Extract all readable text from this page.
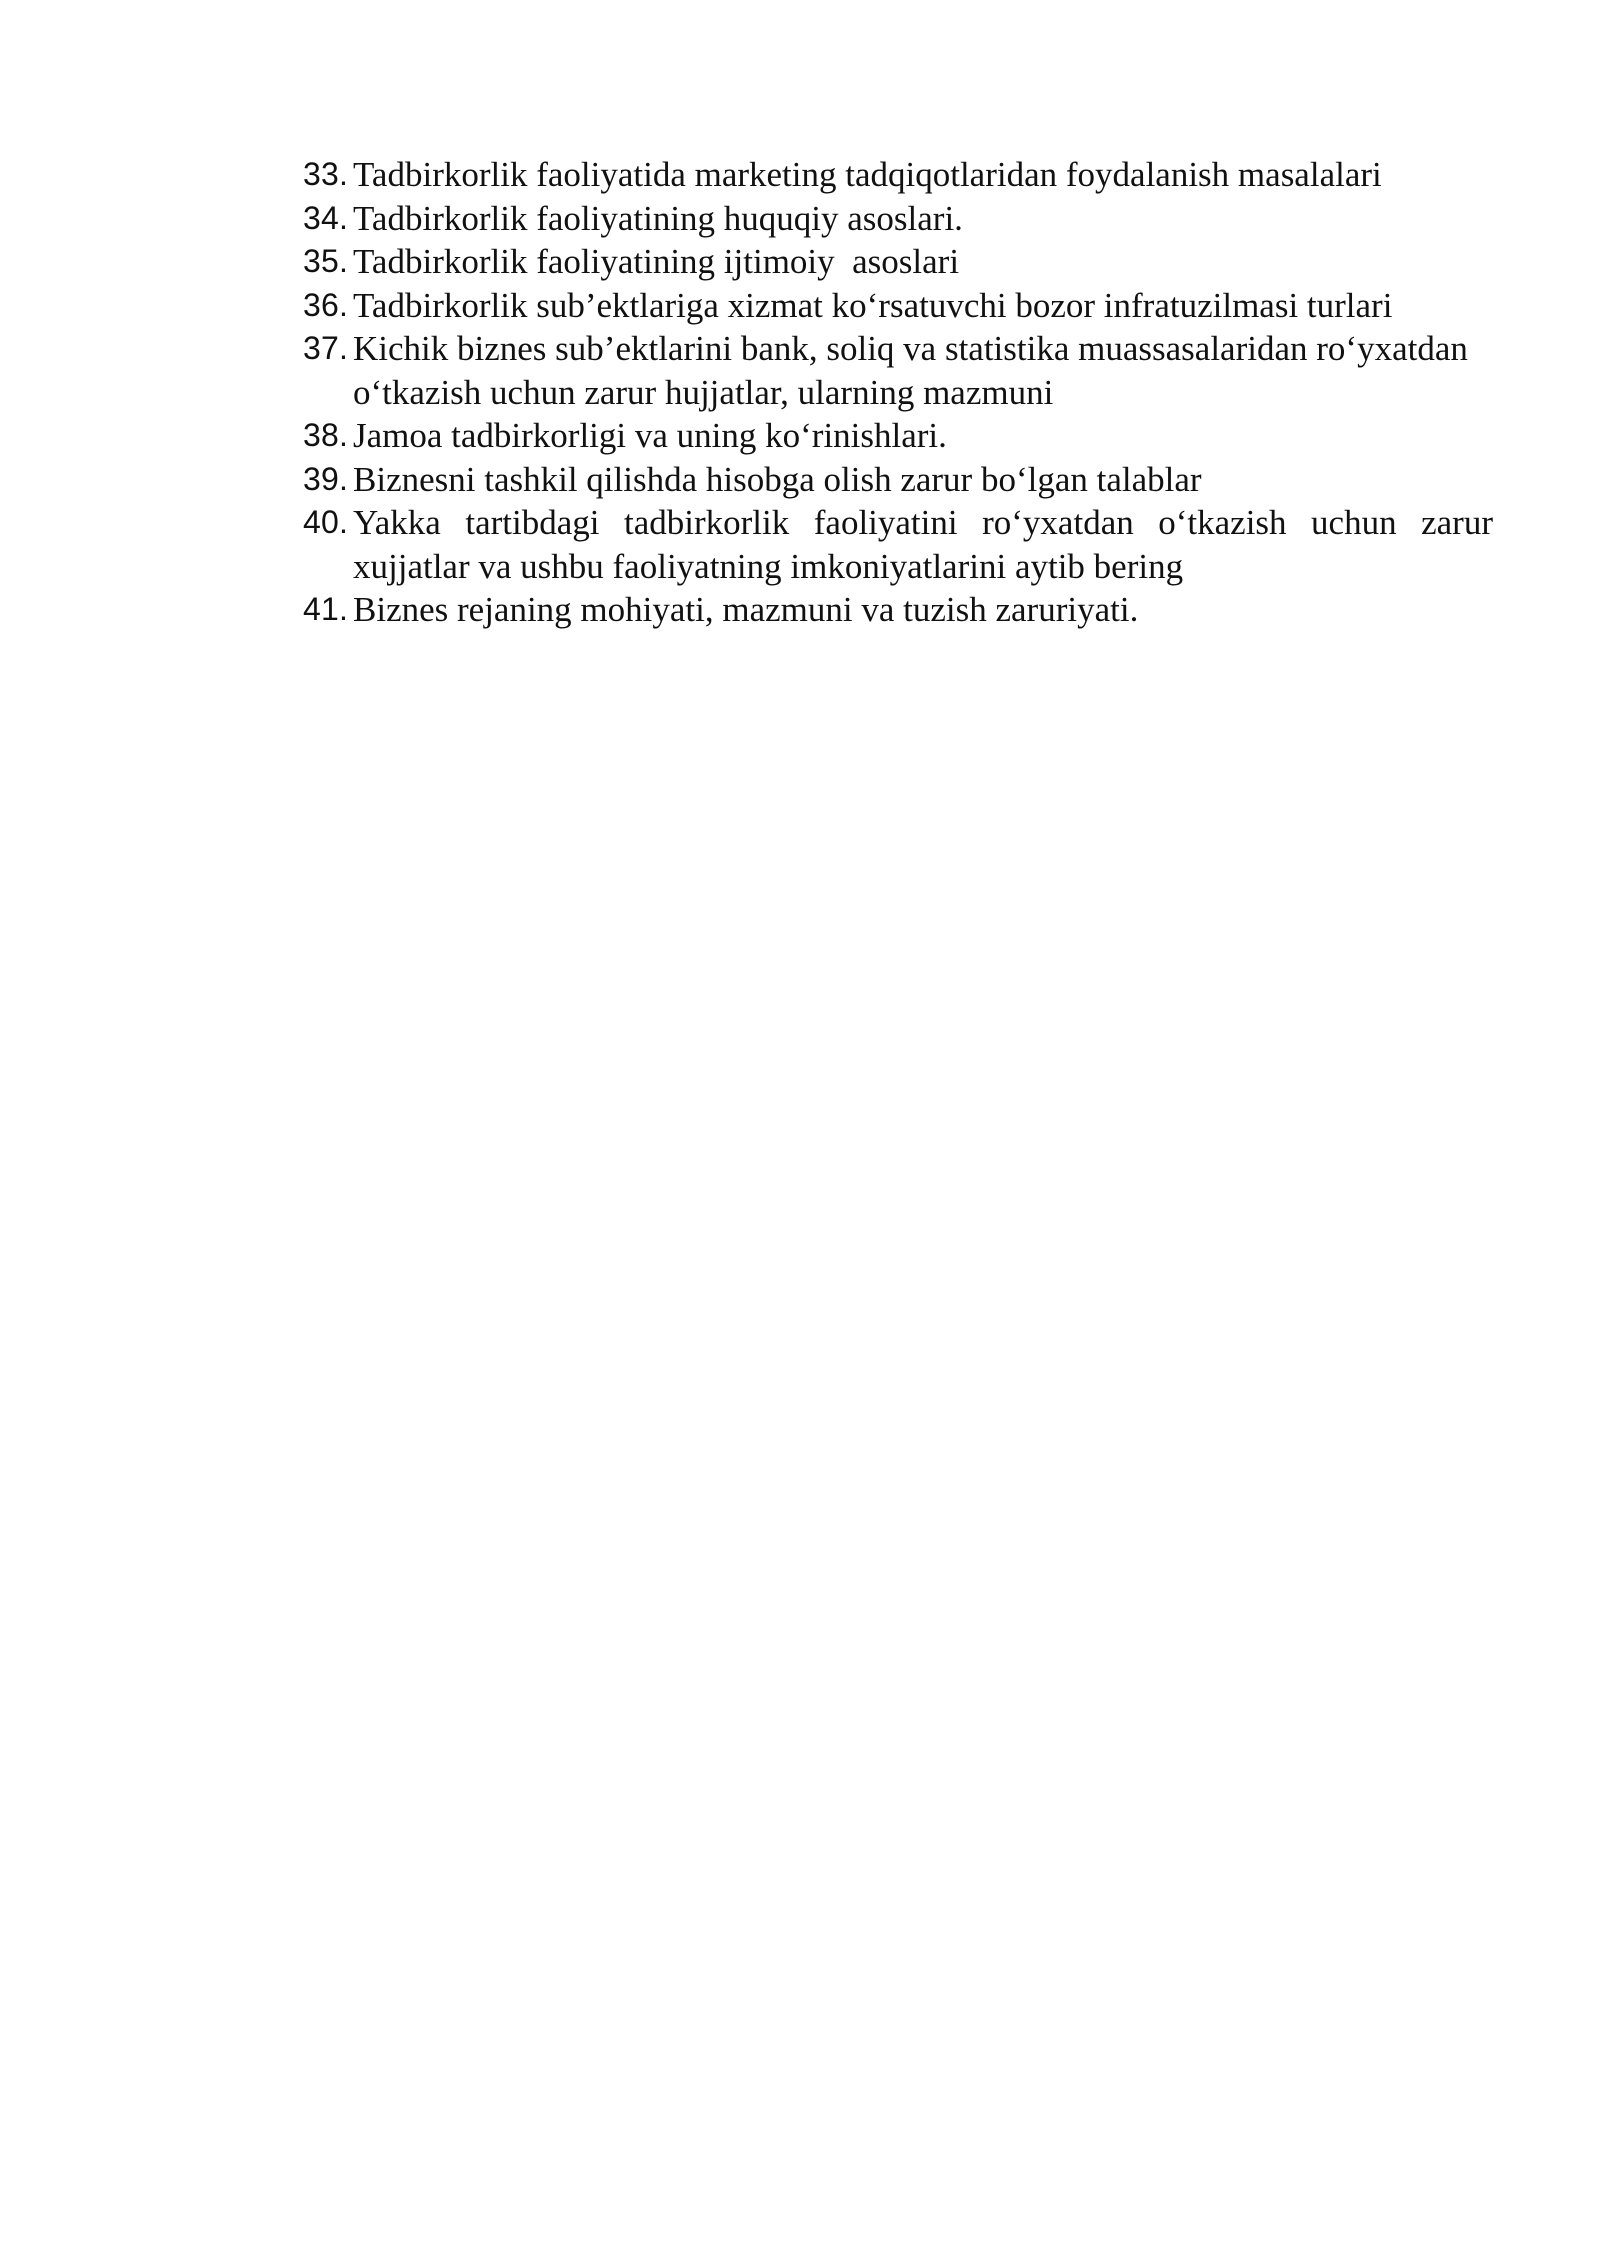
33. Tadbirkorlik faoliyatida marketing tadqiqotlaridan foydalanish masalalari
34. Tadbirkorlik faoliyatining huquqiy asoslari.
35. Tadbirkorlik faoliyatining ijtimoiy  asoslari
36. Tadbirkorlik sub’ektlariga xizmat ko‘rsatuvchi bozor infratuzilmasi turlari
37. Kichik biznes sub’ektlarini bank, soliq va statistika muassasalaridan ro‘yxatdan o‘tkazish uchun zarur hujjatlar, ularning mazmuni
38. Jamoa tadbirkorligi va uning ko‘rinishlari.
39. Biznesni tashkil qilishda hisobga olish zarur bo‘lgan talablar
40. Yakka tartibdagi tadbirkorlik faoliyatini ro‘yxatdan o‘tkazish uchun zarur xujjatlar va ushbu faoliyatning imkoniyatlarini aytib bering
41. Biznes rejaning mohiyati, mazmuni va tuzish zaruriyati.
